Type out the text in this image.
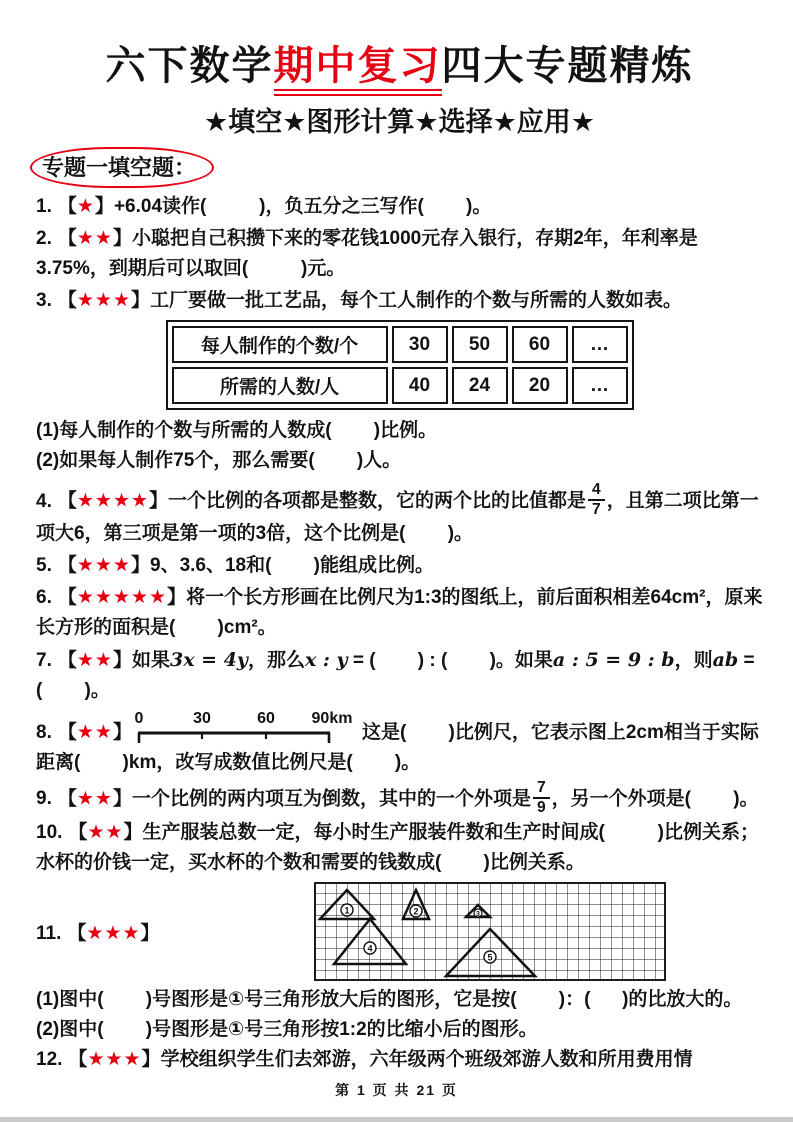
六下数学期中复习四大专题精炼
★填空★图形计算★选择★应用★
专题一填空题：

1. 【★】+6.04读作(          )，负五分之三写作(        )。

2. 【★★】小聪把自己积攒下来的零花钱1000元存入银行，存期2年，年利率是3.75%，到期后可以取回(          )元。

3. 【★★★】工厂要做一批工艺品，每个工人制作的个数与所需的人数如表。

每人制作的个数/个	30	50	60	…
所需的人数/人	40	24	20	…

(1)每人制作的个数与所需的人数成(        )比例。

(2)如果每人制作75个，那么需要(        )人。

4. 【★★★★】一个比例的各项都是整数，它的两个比的比值都是 $\frac{4}{7}$ ，且第二项比第一项大6，第三项是第一项的3倍，这个比例是(        )。

5. 【★★★】9、3.6、18和(        )能组成比例。

6. 【★★★★★】将一个长方形画在比例尺为1:3的图纸上，前后面积相差64cm²，原来长方形的面积是(        )cm²。

7. 【★★】如果3x = 4y，那么x : y = (        ) : (        )。如果a : 5 = 9 : b，则ab = (        )。

8. 【★★】
0	30	60 90km
这是(        )比例尺，它表示图上2cm相当于实际距离(        )km，改写成数值比例尺是(        )。

9. 【★★】一个比例的两内项互为倒数，其中的一个外项是 $\frac{7}{9}$ ，另一个外项是(        )。

10. 【★★】生产服装总数一定，每小时生产服装件数和生产时间成(          )比例关系；水杯的价钱一定，买水杯的个数和需要的钱数成(        )比例关系。

11. 【★★★】
1	2	3
4
5

(1)图中(        )号图形是①号三角形放大后的图形，它是按(        )：(      )的比放大的。

(2)图中(        )号图形是①号三角形按1:2的比缩小后的图形。

12. 【★★★】学校组织学生们去郊游，六年级两个班级郊游人数和所用费用情

第 1 页 共 21 页
